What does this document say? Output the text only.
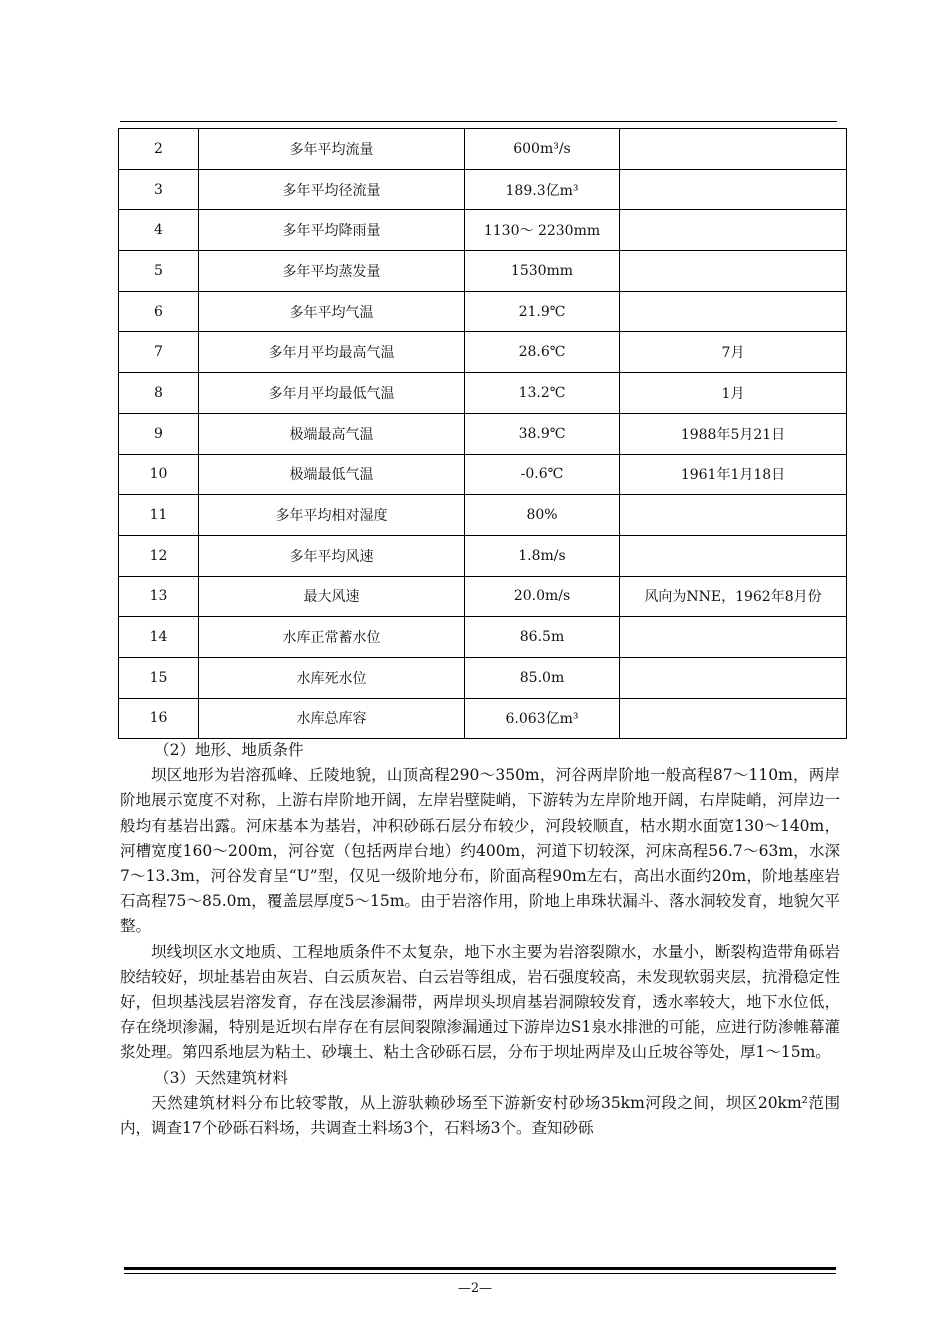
2	多年平均流量	600m³/s	
3	多年平均径流量	189.3亿m³	
4	多年平均降雨量	1130～ 2230mm	
5	多年平均蒸发量	1530mm	
6	多年平均气温	21.9℃	
7	多年月平均最高气温	28.6℃	7月
8	多年月平均最低气温	13.2℃	1月
9	极端最高气温	38.9℃	1988年5月21日
10	极端最低气温	-0.6℃	1961年1月18日
11	多年平均相对湿度	80%	
12	多年平均风速	1.8m/s	
13	最大风速	20.0m/s	风向为NNE，1962年8月份
14	水库正常蓄水位	86.5m	
15	水库死水位	85.0m	
16	水库总库容	6.063亿m³	

（2）地形、地质条件

坝区地形为岩溶孤峰、丘陵地貌，山顶高程290～350m，河谷两岸阶地一般高程87～110m，两岸阶地展示宽度不对称，上游右岸阶地开阔，左岸岩壁陡峭，下游转为左岸阶地开阔，右岸陡峭，河岸边一般均有基岩出露。河床基本为基岩，冲积砂砾石层分布较少，河段较顺直，枯水期水面宽130～140m，河槽宽度160～200m，河谷宽（包括两岸台地）约400m，河道下切较深，河床高程56.7～63m，水深7～13.3m，河谷发育呈“U”型，仅见一级阶地分布，阶面高程90m左右，高出水面约20m，阶地基座岩石高程75～85.0m，覆盖层厚度5～15m。由于岩溶作用，阶地上串珠状漏斗、落水洞较发育，地貌欠平整。

坝线坝区水文地质、工程地质条件不太复杂，地下水主要为岩溶裂隙水，水量小，断裂构造带角砾岩胶结较好，坝址基岩由灰岩、白云质灰岩、白云岩等组成，岩石强度较高，未发现软弱夹层，抗滑稳定性好，但坝基浅层岩溶发育，存在浅层渗漏带，两岸坝头坝肩基岩洞隙较发育，透水率较大，地下水位低，存在绕坝渗漏，特别是近坝右岸存在有层间裂隙渗漏通过下游岸边S1泉水排泄的可能，应进行防渗帷幕灌浆处理。第四系地层为粘土、砂壤土、粘土含砂砾石层，分布于坝址两岸及山丘坡谷等处，厚1～15m。

（3）天然建筑材料

天然建筑材料分布比较零散，从上游驮赖砂场至下游新安村砂场35km河段之间，坝区20km²范围内，调查17个砂砾石料场，共调查土料场3个，石料场3个。查知砂砾

—2—
